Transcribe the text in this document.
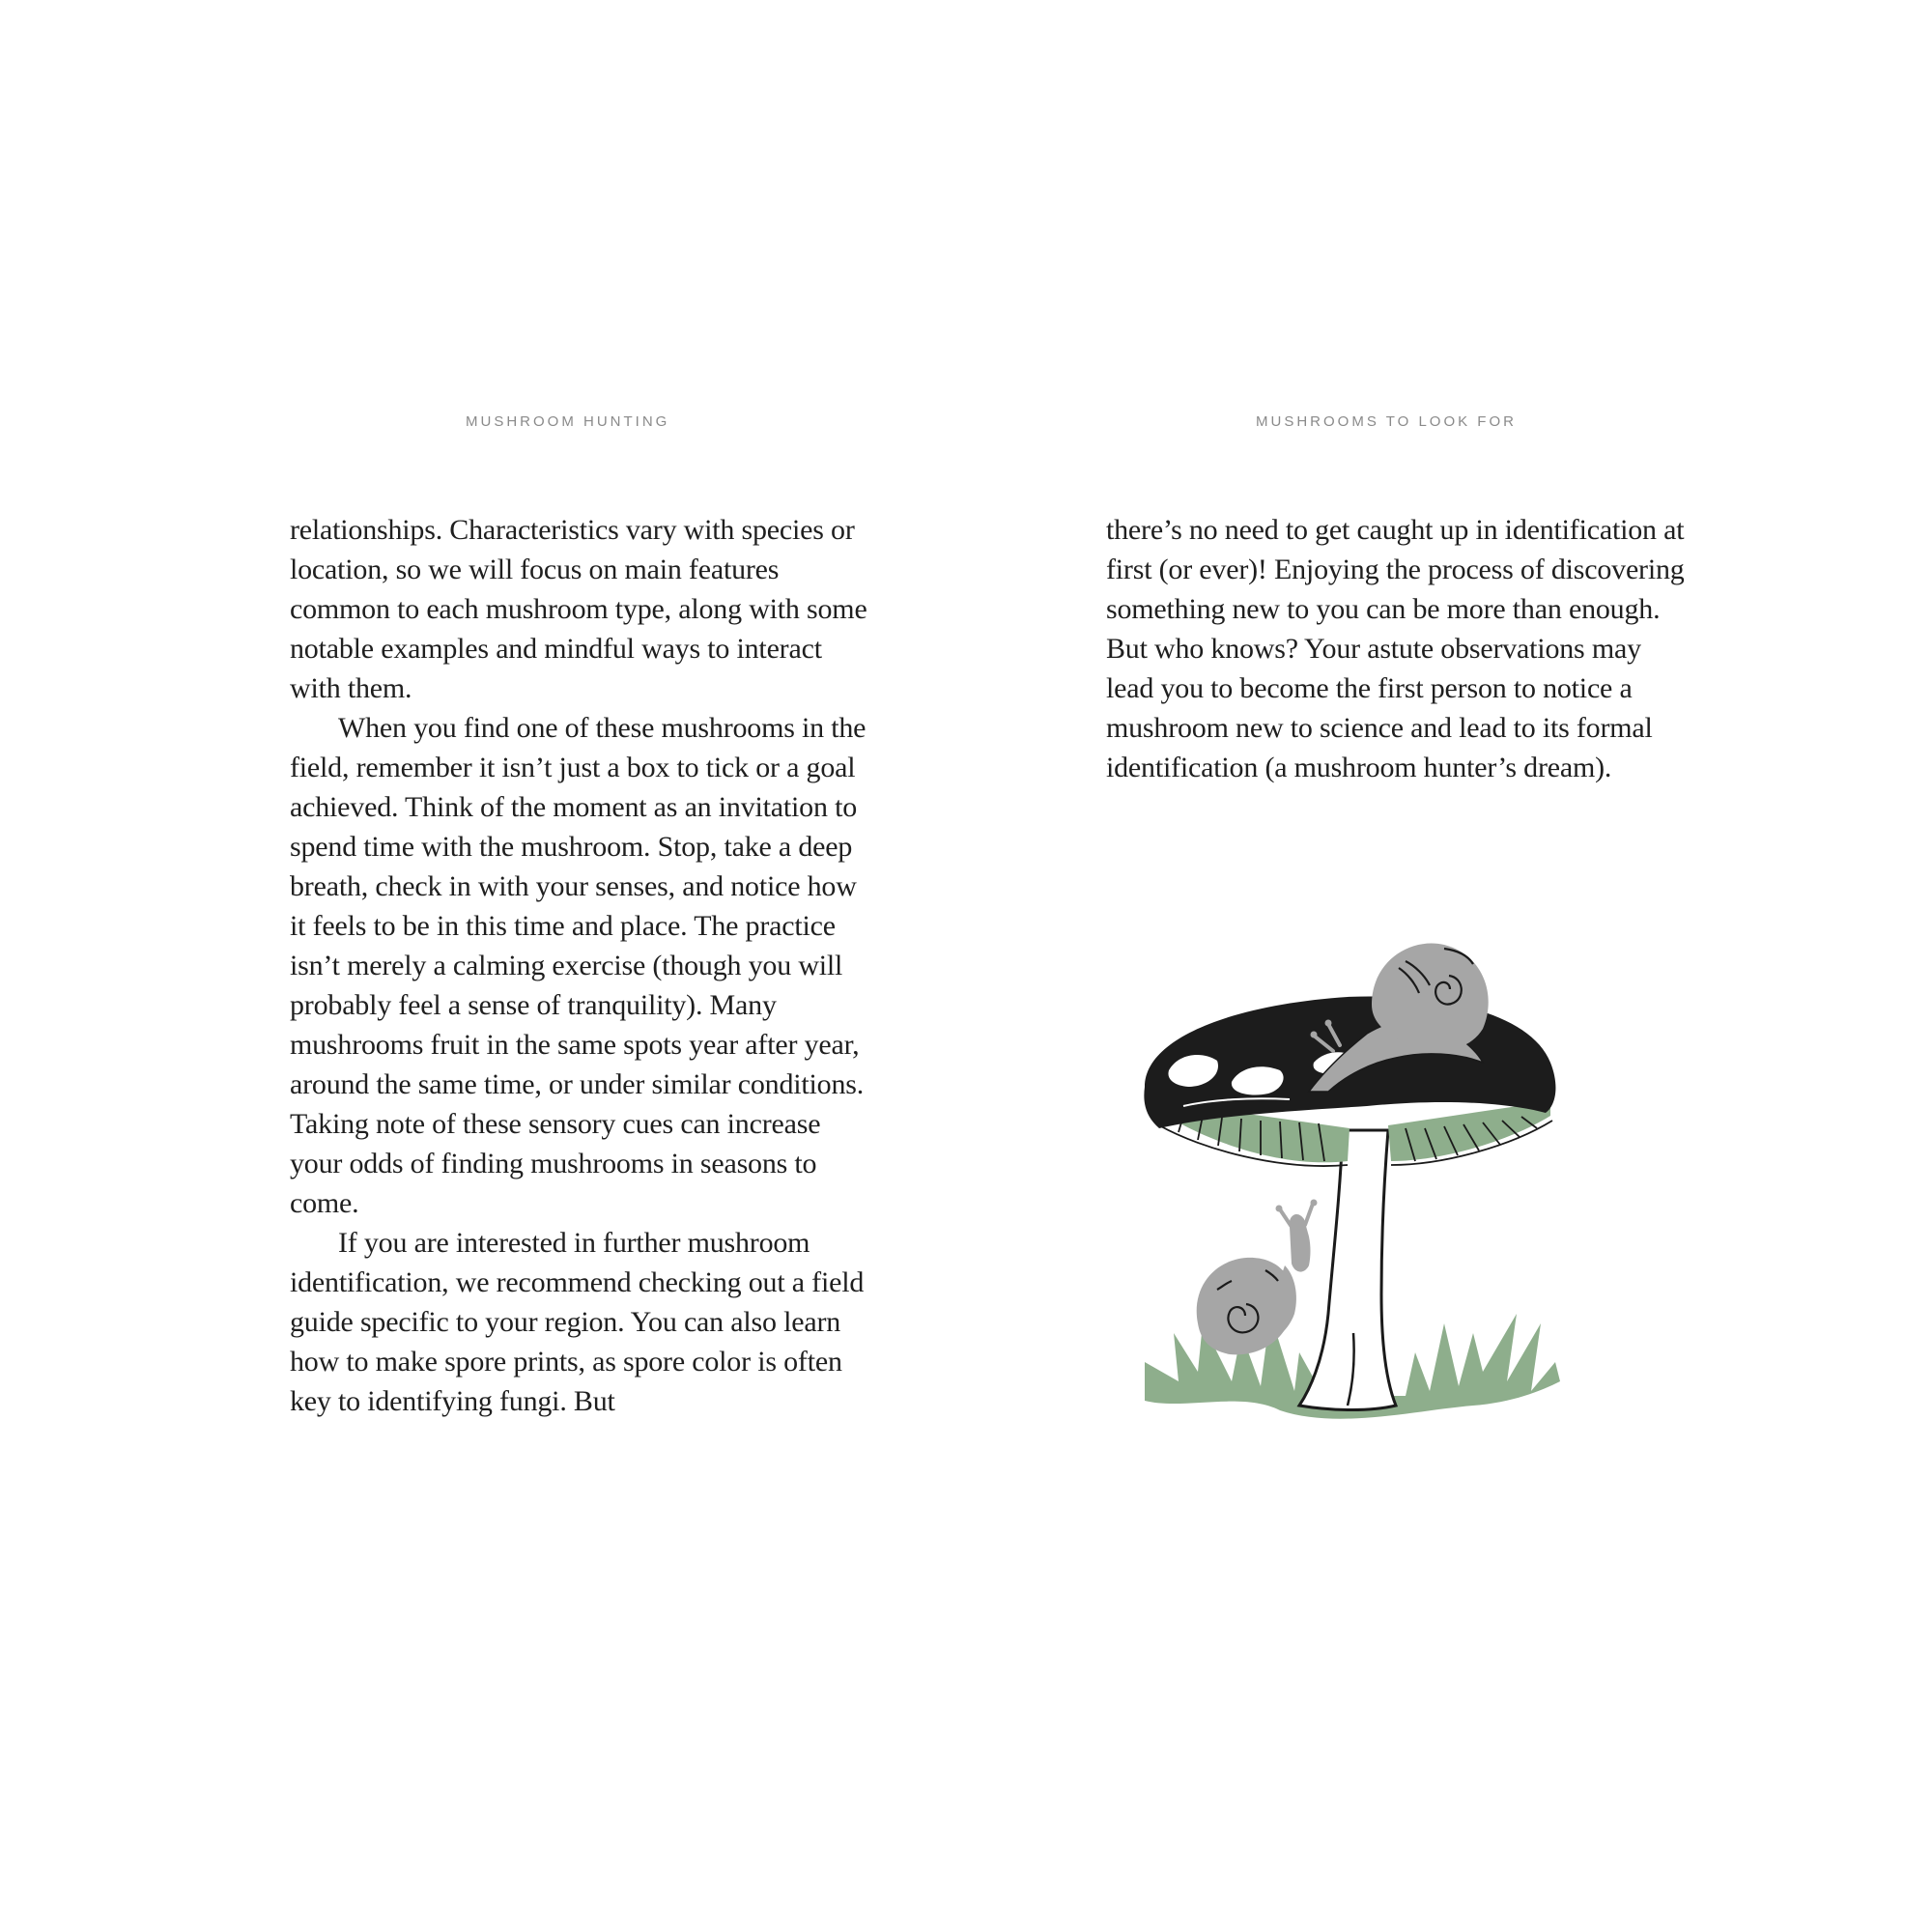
MUSHROOM HUNTING

relationships. Characteristics vary with species or location, so we will focus on main features common to each mushroom type, along with some notable examples and mindful ways to interact with them.

When you find one of these mushrooms in the field, remember it isn’t just a box to tick or a goal achieved. Think of the moment as an invitation to spend time with the mushroom. Stop, take a deep breath, check in with your senses, and notice how it feels to be in this time and place. The practice isn’t merely a calming exercise (though you will probably feel a sense of tranquility). Many mushrooms fruit in the same spots year after year, around the same time, or under similar conditions. Taking note of these sensory cues can increase your odds of finding mushrooms in seasons to come.

If you are interested in further mushroom identification, we recommend checking out a field guide specific to your region. You can also learn how to make spore prints, as spore color is often key to identifying fungi. But

MUSHROOMS TO LOOK FOR

there’s no need to get caught up in identification at first (or ever)! Enjoying the process of discovering something new to you can be more than enough. But who knows? Your astute observations may lead you to become the first person to notice a mushroom new to science and lead to its formal identification (a mushroom hunter’s dream).
